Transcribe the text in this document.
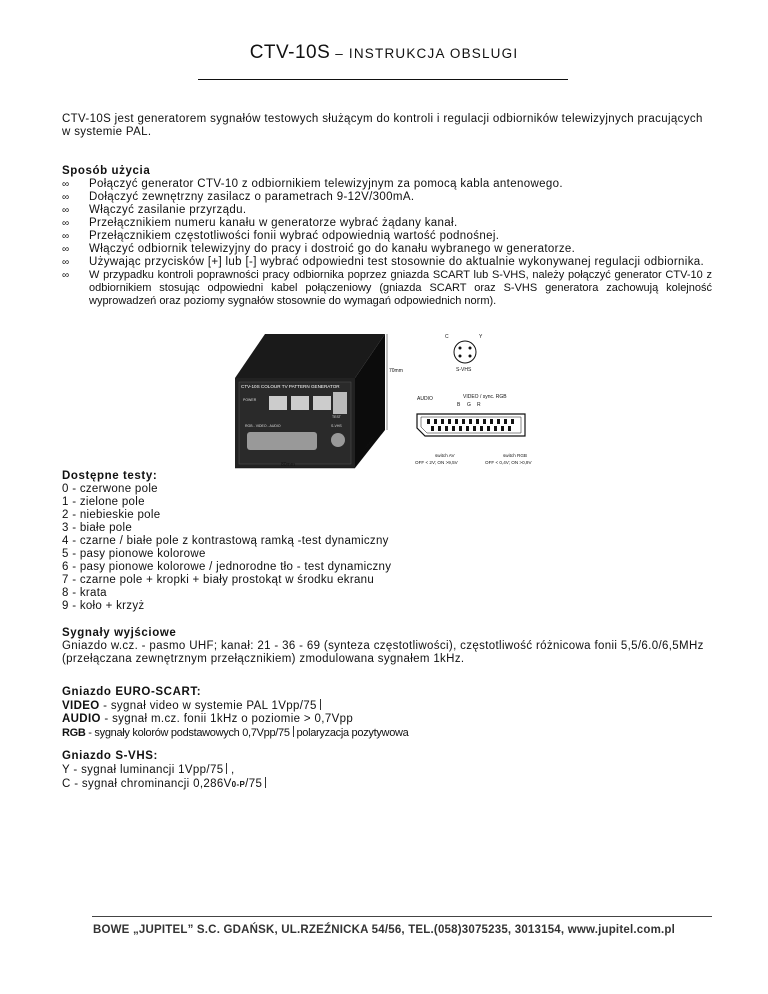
CTV-10S – INSTRUKCJA OBSLUGI
CTV-10S jest generatorem sygnałów testowych służącym do kontroli i regulacji odbiorników telewizyjnych pracujących w systemie PAL.
Sposób użycia
∞ Połączyć generator CTV-10 z odbiornikiem telewizyjnym za pomocą kabla antenowego.
∞ Dołączyć zewnętrzny zasilacz o parametrach 9-12V/300mA.
∞ Włączyć zasilanie przyrządu.
∞ Przełącznikiem numeru kanału w generatorze wybrać żądany kanał.
∞ Przełącznikiem częstotliwości fonii wybrać odpowiednią wartość podnośnej.
∞ Włączyć odbiornik telewizyjny do pracy i dostroić go do kanału wybranego w generatorze.
∞ Używając przycisków [+] lub [-] wybrać odpowiedni test stosownie do aktualnie wykonywanej regulacji odbiornika.
∞ W przypadku kontroli poprawności pracy odbiornika poprzez gniazda SCART lub S-VHS, należy połączyć generator CTV-10 z odbiornikiem stosując odpowiedni kabel połączeniowy (gniazda SCART oraz S-VHS generatora zachowują kolejność wyprowadzeń oraz poziomy sygnałów stosownie do wymagań odpowiednich norm).
CTV-10S COLOUR TV PATTERN GENERATOR
POWER
TEST
RGB - VIDEO - AUDIO	S-VHS
70mm
120mm
80mm
C	Y
S-VHS
AUDIO	VIDEO / sync. RGB
B G R
switch AV
OFF < 2V; ON >9,5V
switch RGB
OFF < 0,4V; ON >0,9V
Dostępne testy:
0 - czerwone pole
1 - zielone pole
2 - niebieskie pole
3 - białe pole
4 - czarne / białe pole z kontrastową ramką -test dynamiczny
5 - pasy pionowe kolorowe
6 - pasy pionowe kolorowe / jednorodne tło - test dynamiczny
7 - czarne pole + kropki + biały prostokąt w środku ekranu
8 - krata
9 - koło + krzyż
Sygnały wyjściowe
Gniazdo w.cz. - pasmo UHF; kanał: 21 - 36 - 69 (synteza częstotliwości), częstotliwość różnicowa fonii 5,5/6.0/6,5MHz (przełączana zewnętrznym przełącznikiem) zmodulowana sygnałem 1kHz.
Gniazdo EURO-SCART:
VIDEO - sygnał video w systemie PAL 1Vpp/75
AUDIO - sygnał m.cz. fonii 1kHz o poziomie > 0,7Vpp
RGB - sygnały kolorów podstawowych 0,7Vpp/75 polaryzacja pozytywowa
Gniazdo S-VHS:
Y - sygnał luminancji 1Vpp/75 ,
C - sygnał chrominancji 0,286V0-P/75
BOWE „JUPITEL” S.C. GDAŃSK, UL.RZEŹNICKA 54/56, TEL.(058)3075235, 3013154, www.jupitel.com.pl
